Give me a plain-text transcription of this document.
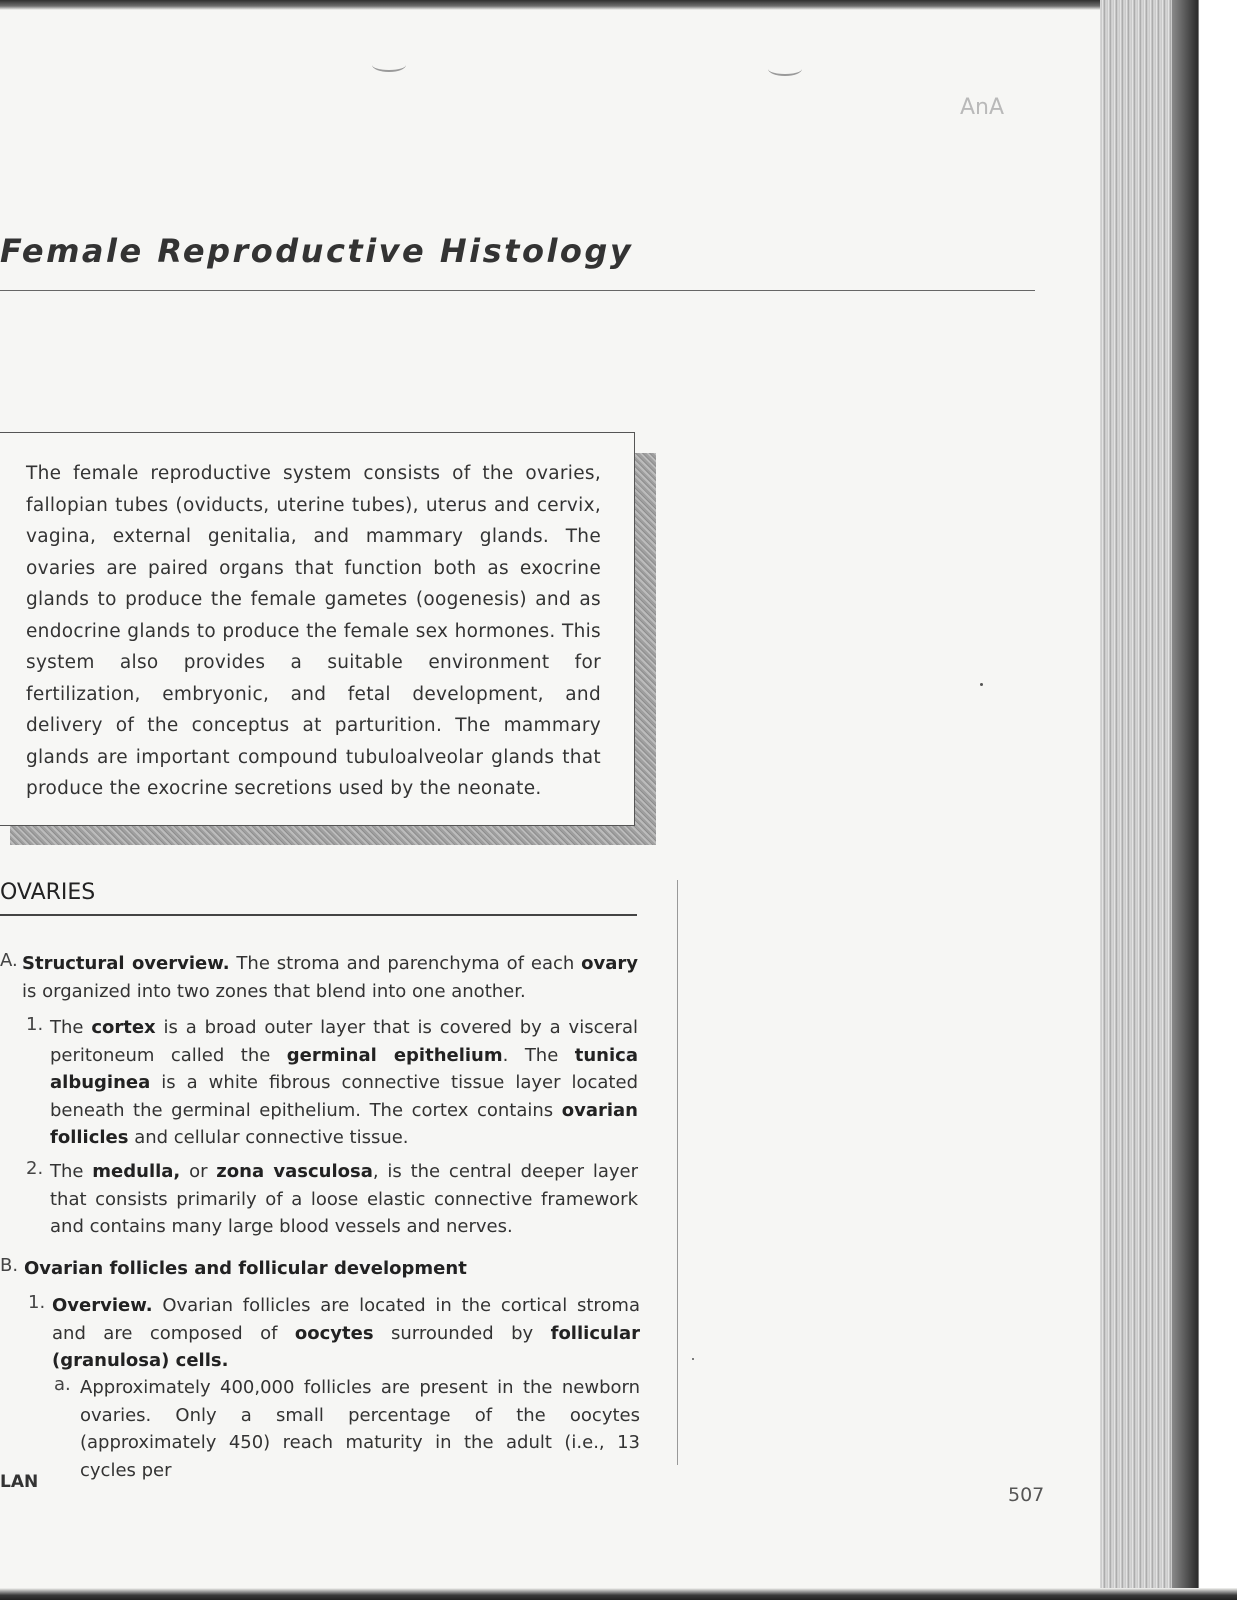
AnA
Female Reproductive Histology
The female reproductive system consists of the ovaries, fallopian tubes (oviducts, uterine tubes), uterus and cervix, vagina, external genitalia, and mammary glands. The ovaries are paired organs that function both as exocrine glands to produce the female gametes (oogenesis) and as endocrine glands to produce the female sex hormones. This system also provides a suitable environment for fertilization, embryonic, and fetal development, and delivery of the conceptus at parturition. The mammary glands are important compound tubuloalveolar glands that produce the exocrine secretions used by the neonate.
OVARIES
A. Structural overview. The stroma and parenchyma of each ovary is organized into two zones that blend into one another.
1. The cortex is a broad outer layer that is covered by a visceral peritoneum called the germinal epithelium. The tunica albuginea is a white fibrous connective tissue layer located beneath the germinal epithelium. The cortex contains ovarian follicles and cellular connective tissue.
2. The medulla, or zona vasculosa, is the central deeper layer that consists primarily of a loose elastic connective framework and contains many large blood vessels and nerves.
B. Ovarian follicles and follicular development
1. Overview. Ovarian follicles are located in the cortical stroma and are composed of oocytes surrounded by follicular (granulosa) cells.
a. Approximately 400,000 follicles are present in the newborn ovaries. Only a small percentage of the oocytes (approximately 450) reach maturity in the adult (i.e., 13 cycles per
LAN
507
